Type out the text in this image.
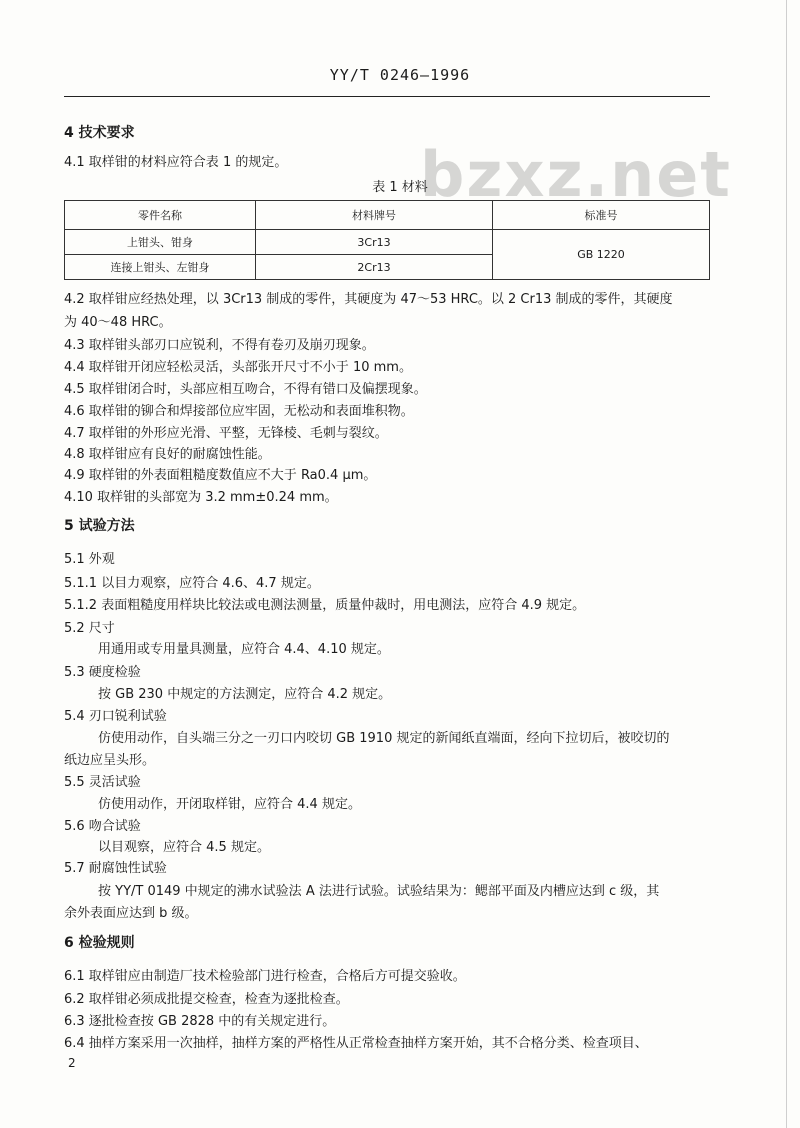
YY/T 0246—1996
bzxz.net
4 技术要求
4.1 取样钳的材料应符合表 1 的规定。
表 1 材料
零件名称	材料牌号	标准号
上钳头、钳身	3Cr13	GB 1220
连接上钳头、左钳身	2Cr13	
4.2 取样钳应经热处理，以 3Cr13 制成的零件，其硬度为 47～53 HRC。以 2 Cr13 制成的零件，其硬度
为 40～48 HRC。
4.3 取样钳头部刃口应锐利，不得有卷刃及崩刃现象。
4.4 取样钳开闭应轻松灵活，头部张开尺寸不小于 10 mm。
4.5 取样钳闭合时，头部应相互吻合，不得有错口及偏摆现象。
4.6 取样钳的铆合和焊接部位应牢固，无松动和表面堆积物。
4.7 取样钳的外形应光滑、平整，无锋棱、毛刺与裂纹。
4.8 取样钳应有良好的耐腐蚀性能。
4.9 取样钳的外表面粗糙度数值应不大于 Ra0.4 μm。
4.10 取样钳的头部宽为 3.2 mm±0.24 mm。
5 试验方法
5.1 外观
5.1.1 以目力观察，应符合 4.6、4.7 规定。
5.1.2 表面粗糙度用样块比较法或电测法测量，质量仲裁时，用电测法，应符合 4.9 规定。
5.2 尺寸
用通用或专用量具测量，应符合 4.4、4.10 规定。
5.3 硬度检验
按 GB 230 中规定的方法测定，应符合 4.2 规定。
5.4 刃口锐利试验
仿使用动作，自头端三分之一刃口内咬切 GB 1910 规定的新闻纸直端面，经向下拉切后，被咬切的
纸边应呈头形。
5.5 灵活试验
仿使用动作，开闭取样钳，应符合 4.4 规定。
5.6 吻合试验
以目观察，应符合 4.5 规定。
5.7 耐腐蚀性试验
按 YY/T 0149 中规定的沸水试验法 A 法进行试验。试验结果为：鳃部平面及内槽应达到 c 级，其
余外表面应达到 b 级。
6 检验规则
6.1 取样钳应由制造厂技术检验部门进行检查，合格后方可提交验收。
6.2 取样钳必须成批提交检查，检查为逐批检查。
6.3 逐批检查按 GB 2828 中的有关规定进行。
6.4 抽样方案采用一次抽样，抽样方案的严格性从正常检查抽样方案开始，其不合格分类、检查项目、
2
